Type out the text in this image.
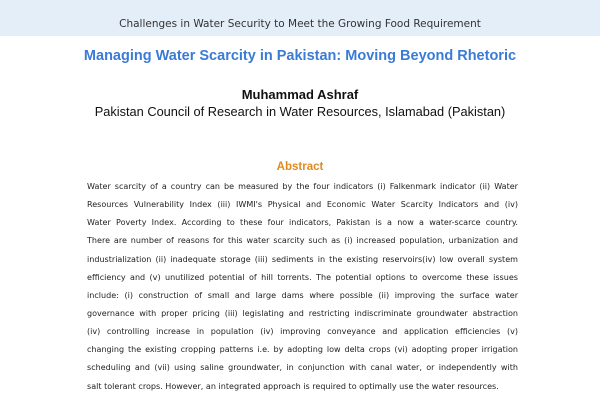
Challenges in Water Security to Meet the Growing Food Requirement
Managing Water Scarcity in Pakistan: Moving Beyond Rhetoric
Muhammad Ashraf
Pakistan Council of Research in Water Resources, Islamabad (Pakistan)
Abstract
Water scarcity of a country can be measured by the four indicators (i) Falkenmark indicator (ii) Water
Resources Vulnerability Index (iii) IWMI's Physical and Economic Water Scarcity Indicators and (iv)
Water Poverty Index. According to these four indicators, Pakistan is a now a water-scarce country.
There are number of reasons for this water scarcity such as (i) increased population, urbanization and
industrialization (ii) inadequate storage (iii) sediments in the existing reservoirs(iv) low overall system
efficiency and (v) unutilized potential of hill torrents. The potential options to overcome these issues
include: (i) construction of small and large dams where possible (ii) improving the surface water
governance with proper pricing (iii) legislating and restricting indiscriminate groundwater abstraction
(iv) controlling increase in population (iv) improving conveyance and application efficiencies (v)
changing the existing cropping patterns i.e. by adopting low delta crops (vi) adopting proper irrigation
scheduling and (vii) using saline groundwater, in conjunction with canal water, or independently with
salt tolerant crops. However, an integrated approach is required to optimally use the water resources.
